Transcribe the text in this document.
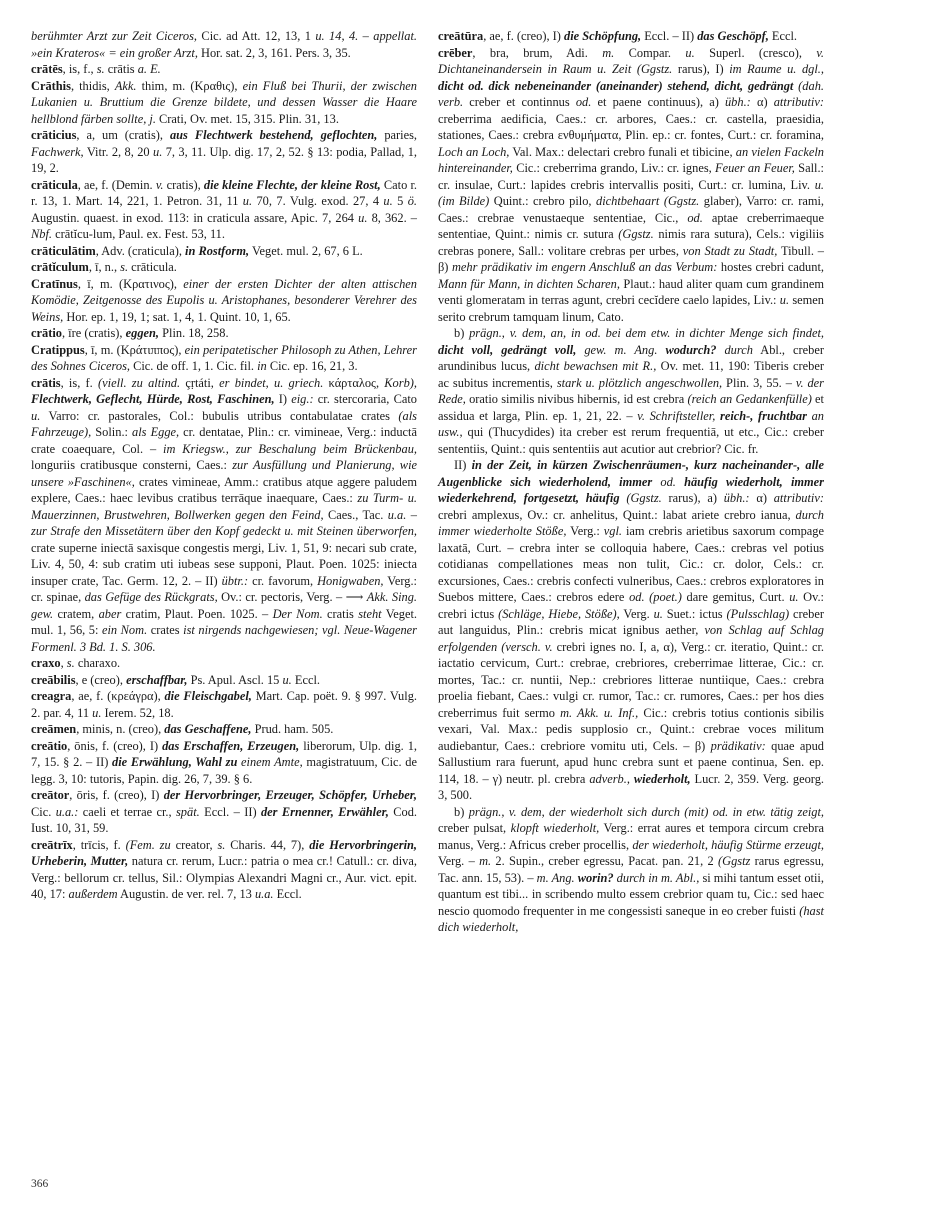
berühmter Arzt zur Zeit Ciceros, Cic. ad Att. 12, 13, 1 u. 14, 4. – appellat. »ein Krateros« = ein großer Arzt, Hor. sat. 2, 3, 161. Pers. 3, 35.

crātēs, is, f., s. crātis a. E.

Crāthis, thidis, Akk. thim, m. (Κραθις), ein Fluß bei Thurii, der zwischen Lukanien u. Bruttium die Grenze bildete, und dessen Wasser die Haare hellblond färben sollte, j. Crati, Ov. met. 15, 315. Plin. 31, 13.

crāticius, a, um (cratis), aus Flechtwerk bestehend, geflochten, paries, Fachwerk, Vitr. 2, 8, 20 u. 7, 3, 11. Ulp. dig. 17, 2, 52. § 13: podia, Pallad, 1, 19, 2.

crāticula, ae, f. (Demin. v. cratis), die kleine Flechte, der kleine Rost, Cato r. r. 13, 1. Mart. 14, 221, 1. Petron. 31, 11 u. 70, 7. Vulg. exod. 27, 4 u. 5 ö. Augustin. quaest. in exod. 113: in craticula assare, Apic. 7, 264 u. 8, 362. – Nbf. crātĭcu-lum, Paul. ex. Fest. 53, 11.

crāticulātim, Adv. (craticula), in Rostform, Veget. mul. 2, 67, 6 L.

crātĭculum, ī, n., s. crāticula.

Cratīnus, ī, m. (Κρατινος), einer der ersten Dichter der alten attischen Komödie, Zeitgenosse des Eupolis u. Aristophanes, besonderer Verehrer des Weins, Hor. ep. 1, 19, 1; sat. 1, 4, 1. Quint. 10, 1, 65.

crātio, īre (cratis), eggen, Plin. 18, 258.

Cratippus, ī, m. (Κράτιππος), ein peripatetischer Philosoph zu Athen, Lehrer des Sohnes Ciceros, Cic. de off. 1, 1. Cic. fil. in Cic. ep. 16, 21, 3.

crātis, is, f. (viell. zu altind. çṛtáti, er bindet, u. griech. κάρταλος, Korb), Flechtwerk, Geflecht, Hürde, Rost, Faschinen, I) eig.: cr. stercoraria, Cato u. Varro: cr. pastorales, Col.: bubulis utribus contabulatae crates (als Fahrzeuge), Solin.: als Egge, cr. dentatae, Plin.: cr. vimineae, Verg.: inductā crate coaequare, Col. – im Kriegsw., zur Beschalung beim Brückenbau, longuriis cratibusque consterni, Caes.: zur Ausfüllung und Planierung, wie unsere »Faschinen«, crates vimineae, Amm.: cratibus atque aggere paludem explere, Caes.: haec levibus cratibus terrāque inaequare, Caes.: zu Turm- u. Mauerzinnen, Brustwehren, Bollwerken gegen den Feind, Caes., Tac. u.a. – zur Strafe den Missetätern über den Kopf gedeckt u. mit Steinen überworfen, crate superne iniectā saxisque congestis mergi, Liv. 1, 51, 9: necari sub crate, Liv. 4, 50, 4: sub cratim uti iubeas sese supponi, Plaut. Poen. 1025: iniecta insuper crate, Tac. Germ. 12, 2. – II) übtr.: cr. favorum, Honigwaben, Verg.: cr. spinae, das Gefüge des Rückgrats, Ov.: cr. pectoris, Verg. – ⟶ Akk. Sing. gew. cratem, aber cratim, Plaut. Poen. 1025. – Der Nom. cratis steht Veget. mul. 1, 56, 5: ein Nom. crates ist nirgends nachgewiesen; vgl. Neue-Wagener Formenl. 3 Bd. 1. S. 306.

craxo, s. charaxo.

creābilis, e (creo), erschaffbar, Ps. Apul. Ascl. 15 u. Eccl.

creagra, ae, f. (κρεάγρα), die Fleischgabel, Mart. Cap. poët. 9. § 997. Vulg. 2. par. 4, 11 u. Ierem. 52, 18.

creāmen, minis, n. (creo), das Geschaffene, Prud. ham. 505.

creātio, ōnis, f. (creo), I) das Erschaffen, Erzeugen, liberorum, Ulp. dig. 1, 7, 15. § 2. – II) die Erwählung, Wahl zu einem Amte, magistratuum, Cic. de legg. 3, 10: tutoris, Papin. dig. 26, 7, 39. § 6.

creātor, ōris, f. (creo), I) der Hervorbringer, Erzeuger, Schöpfer, Urheber, Cic. u.a.: caeli et terrae cr., spät. Eccl. – II) der Ernenner, Erwähler, Cod. Iust. 10, 31, 59.

creātrīx, trīcis, f. (Fem. zu creator, s. Charis. 44, 7), die Hervorbringerin, Urheberin, Mutter, natura cr. rerum, Lucr.: patria o mea cr.! Catull.: cr. diva, Verg.: bellorum cr. tellus, Sil.: Olympias Alexandri Magni cr., Aur. vict. epit. 40, 17: außerdem Augustin. de ver. rel. 7, 13 u.a. Eccl.

creātūra, ae, f. (creo), I) die Schöpfung, Eccl. – II) das Geschöpf, Eccl.

crēber, bra, brum, Adi. m. Compar. u. Superl. (cresco), v. Dichtaneinandersein in Raum u. Zeit (Ggstz. rarus), I) im Raume u. dgl., dicht od. dick nebeneinander (aneinander) stehend, dicht, gedrängt (dah. verb. creber et continnus od. et paene continuus), a) übh.: α) attributiv: creberrima aedificia, Caes.: cr. arbores, Caes.: cr. castella, praesidia, stationes, Caes.: crebra ενθυμήματα, Plin. ep.: cr. fontes, Curt.: cr. foramina, Loch an Loch, Val. Max.: delectari crebro funali et tibicine, an vielen Fackeln hintereinander, Cic.: creberrima grando, Liv.: cr. ignes, Feuer an Feuer, Sall.: cr. insulae, Curt.: lapides crebris intervallis positi, Curt.: cr. lumina, Liv. u. (im Bilde) Quint.: crebro pilo, dichtbehaart (Ggstz. glaber), Varro: cr. rami, Caes.: crebrae venustaeque sententiae, Cic., od. aptae creberrimaeque sententiae, Quint.: nimis cr. sutura (Ggstz. nimis rara sutura), Cels.: vigiliis crebras ponere, Sall.: volitare crebras per urbes, von Stadt zu Stadt, Tibull. – β) mehr prädikativ im engern Anschluß an das Verbum: hostes crebri cadunt, Mann für Mann, in dichten Scharen, Plaut.: haud aliter quam cum grandinem venti glomeratam in terras agunt, crebri cecĭdere caelo lapides, Liv.: u. semen serito crebrum tamquam linum, Cato.

b) prägn., v. dem, an, in od. bei dem etw. in dichter Menge sich findet, dicht voll, gedrängt voll, gew. m. Ang. wodurch? durch Abl., creber arundinibus lucus, dicht bewachsen mit R., Ov. met. 11, 190: Tiberis creber ac subitus incrementis, stark u. plötzlich angeschwollen, Plin. 3, 55. – v. der Rede, oratio similis nivibus hibernis, id est crebra (reich an Gedankenfülle) et assidua et larga, Plin. ep. 1, 21, 22. – v. Schriftsteller, reich-, fruchtbar an usw., qui (Thucydides) ita creber est rerum frequentiā, ut etc., Cic.: creber sententiis, Quint.: quis sententiis aut acutior aut crebrior? Cic. fr.

II) in der Zeit, in kürzen Zwischenräumen-, kurz nacheinander-, alle Augenblicke sich wiederholend, immer od. häufig wiederholt, immer wiederkehrend, fortgesetzt, häufig (Ggstz. rarus), a) übh.: α) attributiv: crebri amplexus, Ov.: cr. anhelitus, Quint.: labat ariete crebro ianua, durch immer wiederholte Stöße, Verg.: vgl. iam crebris arietibus saxorum compage laxatā, Curt. – crebra inter se colloquia habere, Caes.: crebras vel potius cotidianas compellationes meas non tulit, Cic.: cr. dolor, Cels.: cr. excursiones, Caes.: crebris confecti vulneribus, Caes.: crebros exploratores in Suebos mittere, Caes.: crebros edere od. (poet.) dare gemitus, Curt. u. Ov.: crebri ictus (Schläge, Hiebe, Stöße), Verg. u. Suet.: ictus (Pulsschlag) creber aut languidus, Plin.: crebris micat ignibus aether, von Schlag auf Schlag erfolgenden (versch. v. crebri ignes no. I, a, α), Verg.: cr. iteratio, Quint.: cr. iactatio cervicum, Curt.: crebrae, crebriores, creberrimae litterae, Cic.: cr. mortes, Tac.: cr. nuntii, Nep.: crebriores litterae nuntiique, Caes.: crebra proelia fiebant, Caes.: vulgi cr. rumor, Tac.: cr. rumores, Caes.: per hos dies creberrimus fuit sermo m. Akk. u. Inf., Cic.: crebris totius contionis sibilis vexari, Val. Max.: pedis supplosio cr., Quint.: crebrae voces militum audiebantur, Caes.: crebriore vomitu uti, Cels. – β) prädikativ: quae apud Sallustium rara fuerunt, apud hunc crebra sunt et paene continua, Sen. ep. 114, 18. – γ) neutr. pl. crebra adverb., wiederholt, Lucr. 2, 359. Verg. georg. 3, 500.

b) prägn., v. dem, der wiederholt sich durch (mit) od. in etw. tätig zeigt, creber pulsat, klopft wiederholt, Verg.: errat aures et tempora circum crebra manus, Verg.: Africus creber procellis, der wiederholt, häufig Stürme erzeugt, Verg. – m. 2. Supin., creber egressu, Pacat. pan. 21, 2 (Ggstz rarus egressu, Tac. ann. 15, 53). – m. Ang. worin? durch in m. Abl., si mihi tantum esset otii, quantum est tibi... in scribendo multo essem crebrior quam tu, Cic.: sed haec nescio quomodo frequenter in me congessisti saneque in eo creber fuisti (hast dich wiederholt,

366
